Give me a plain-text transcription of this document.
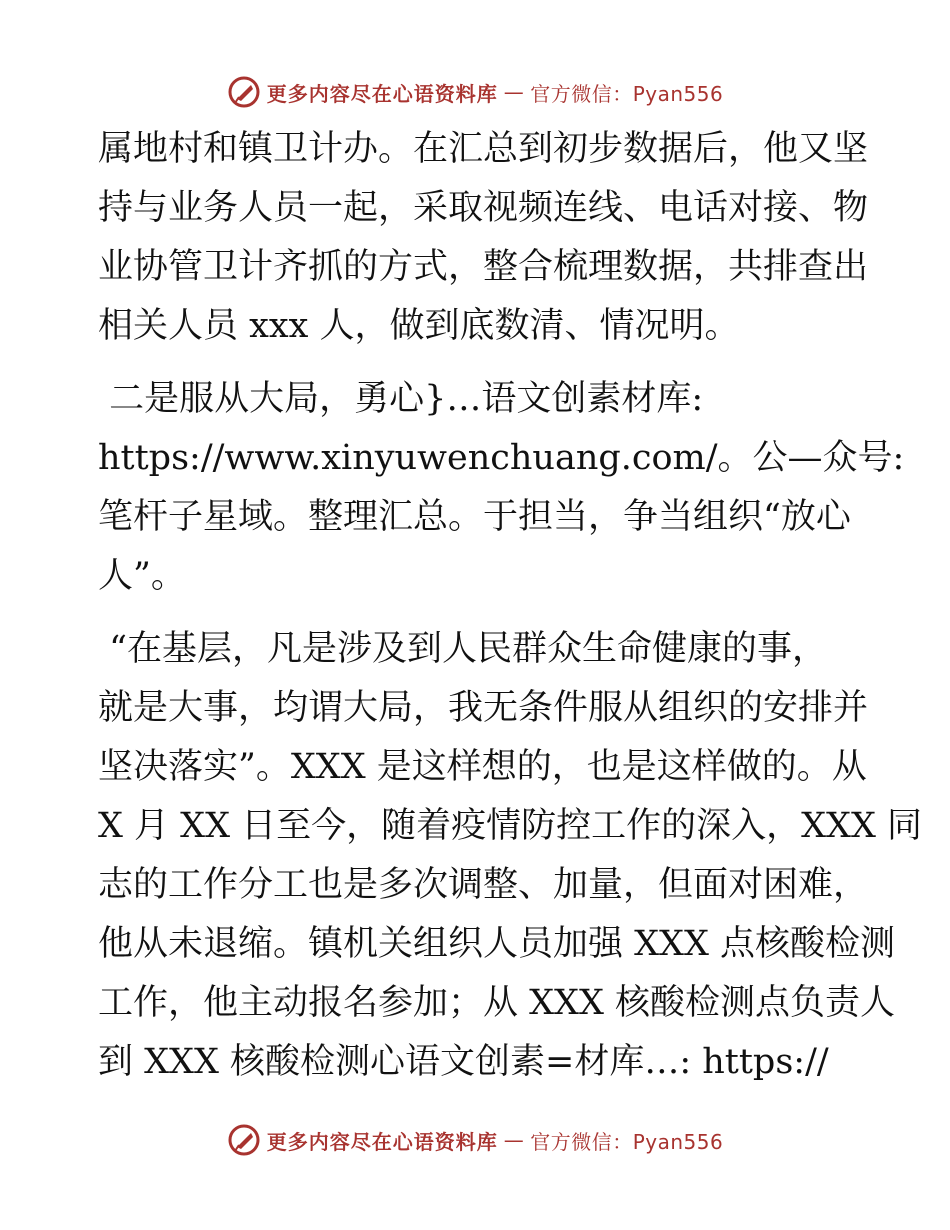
更多内容尽在心语资料库 — 官方微信：Pyan556

属地村和镇卫计办。在汇总到初步数据后，他又坚
持与业务人员一起，采取视频连线、电话对接、物
业协管卫计齐抓的方式，整合梳理数据，共排查出
相关人员 xxx 人，做到底数清、情况明。

二是服从大局，勇心}…语文创素材库:
https://www.xinyuwenchuang.com/。公—众号:
笔杆子星域。整理汇总。于担当，争当组织“放心
人”。

“在基层，凡是涉及到人民群众生命健康的事，
就是大事，均谓大局，我无条件服从组织的安排并
坚决落实”。XXX 是这样想的，也是这样做的。从
X 月 XX 日至今，随着疫情防控工作的深入，XXX 同
志的工作分工也是多次调整、加量，但面对困难，
他从未退缩。镇机关组织人员加强 XXX 点核酸检测
工作，他主动报名参加；从 XXX 核酸检测点负责人
到 XXX 核酸检测心语文创素=材库…: https://

更多内容尽在心语资料库 — 官方微信：Pyan556
